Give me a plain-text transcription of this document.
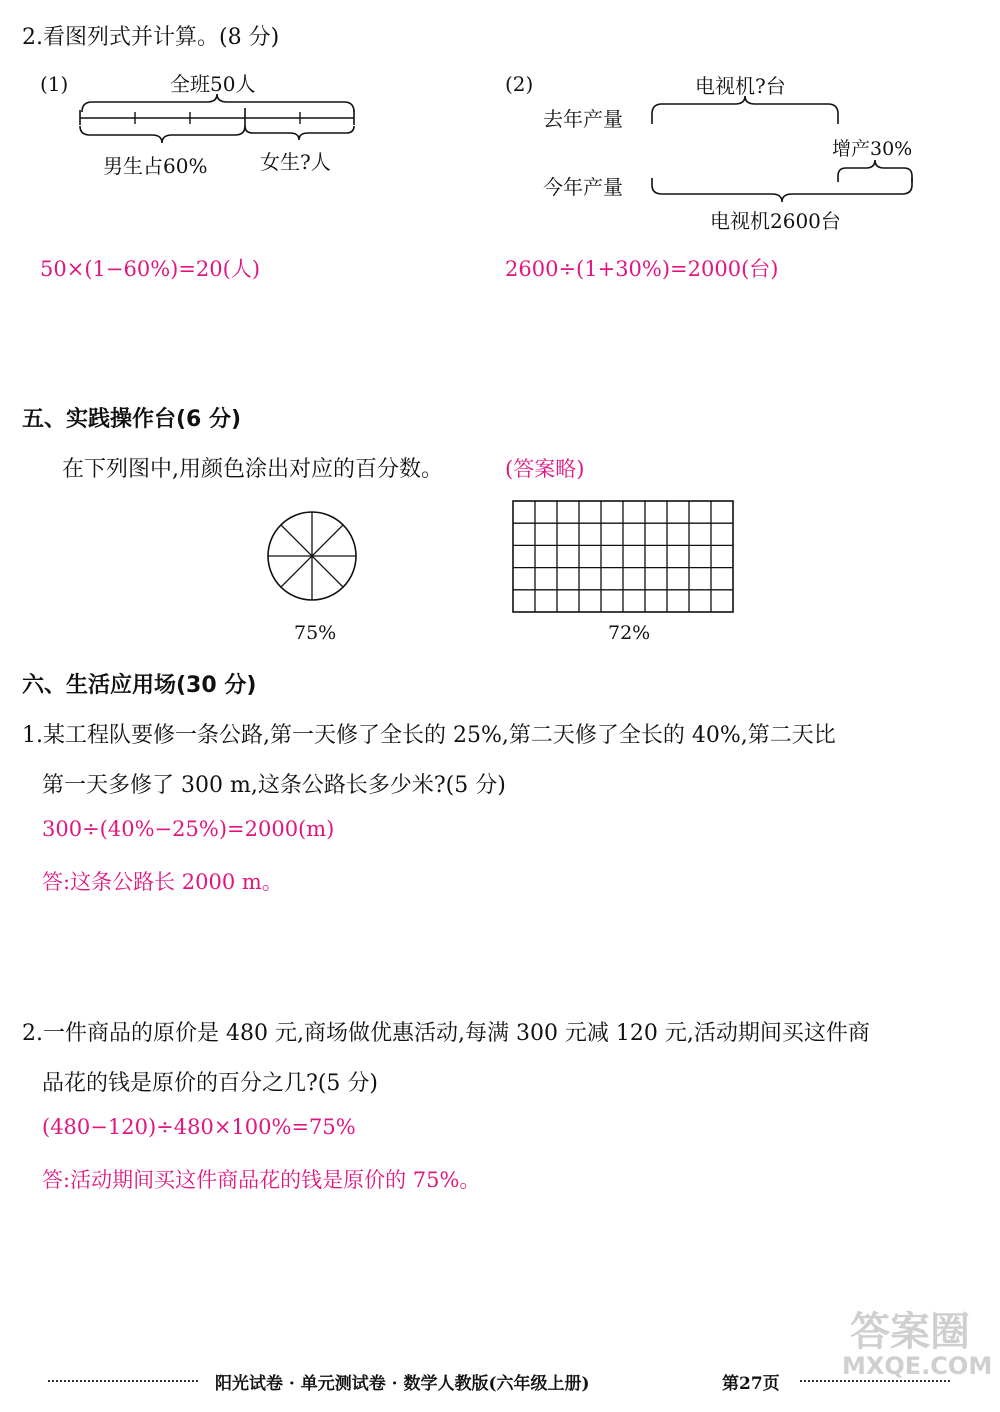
2.看图列式并计算。(8 分)
(1)	全班50人
男生占60%	女生?人
50×(1−60%)=20(人)
(2)	电视机?台
去年产量
今年产量
增产30%
电视机2600台
2600÷(1+30%)=2000(台)
五、实践操作台(6 分)
在下列图中,用颜色涂出对应的百分数。	(答案略)
75%	72%
六、生活应用场(30 分)
1.某工程队要修一条公路,第一天修了全长的 25%,第二天修了全长的 40%,第二天比
第一天多修了 300 m,这条公路长多少米?(5 分)
300÷(40%−25%)=2000(m)
答:这条公路长 2000 m。
2.一件商品的原价是 480 元,商场做优惠活动,每满 300 元减 120 元,活动期间买这件商
品花的钱是原价的百分之几?(5 分)
(480−120)÷480×100%=75%
答:活动期间买这件商品花的钱是原价的 75%。
阳光试卷 · 单元测试卷 · 数学人教版(六年级上册)	第27页
答案圈
MXQE.COM
